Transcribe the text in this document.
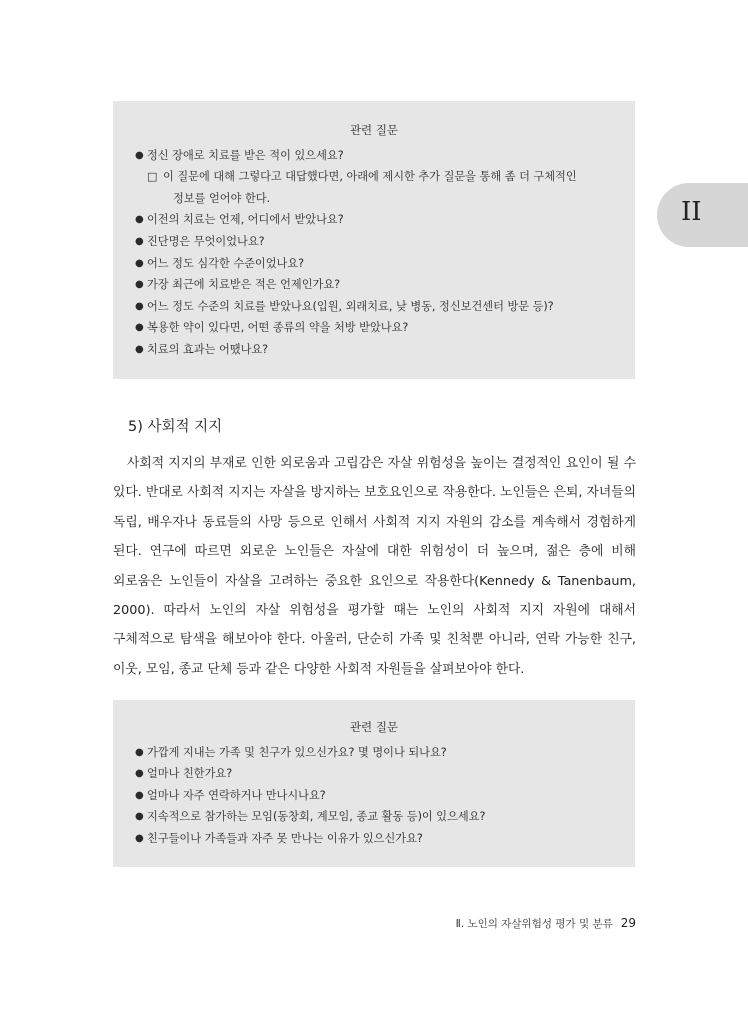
II
관련 질문
● 정신 장애로 치료를 받은 적이 있으세요?
□ 이 질문에 대해 그렇다고 대답했다면, 아래에 제시한 추가 질문을 통해 좀 더 구체적인
정보를 얻어야 한다.
● 이전의 치료는 언제, 어디에서 받았나요?
● 진단명은 무엇이었나요?
● 어느 정도 심각한 수준이었나요?
● 가장 최근에 치료받은 적은 언제인가요?
● 어느 정도 수준의 치료를 받았나요(입원, 외래치료, 낮 병동, 정신보건센터 방문 등)?
● 복용한 약이 있다면, 어떤 종류의 약을 처방 받았나요?
● 치료의 효과는 어땠나요?
5) 사회적 지지
사회적 지지의 부재로 인한 외로움과 고립감은 자살 위험성을 높이는 결정적인 요인이 될 수 있다. 반대로 사회적 지지는 자살을 방지하는 보호요인으로 작용한다. 노인들은 은퇴, 자녀들의 독립, 배우자나 동료들의 사망 등으로 인해서 사회적 지지 자원의 감소를 계속해서 경험하게 된다. 연구에 따르면 외로운 노인들은 자살에 대한 위험성이 더 높으며, 젊은 층에 비해 외로움은 노인들이 자살을 고려하는 중요한 요인으로 작용한다(Kennedy & Tanenbaum, 2000). 따라서 노인의 자살 위험성을 평가할 때는 노인의 사회적 지지 자원에 대해서 구체적으로 탐색을 해보아야 한다. 아울러, 단순히 가족 및 친척뿐 아니라, 연락 가능한 친구, 이웃, 모임, 종교 단체 등과 같은 다양한 사회적 자원들을 살펴보아야 한다.
관련 질문
● 가깝게 지내는 가족 및 친구가 있으신가요? 몇 명이나 되나요?
● 얼마나 친한가요?
● 얼마나 자주 연락하거나 만나시나요?
● 지속적으로 참가하는 모임(동창회, 계모임, 종교 활동 등)이 있으세요?
● 친구들이나 가족들과 자주 못 만나는 이유가 있으신가요?
Ⅱ. 노인의 자살위험성 평가 및 분류 29
